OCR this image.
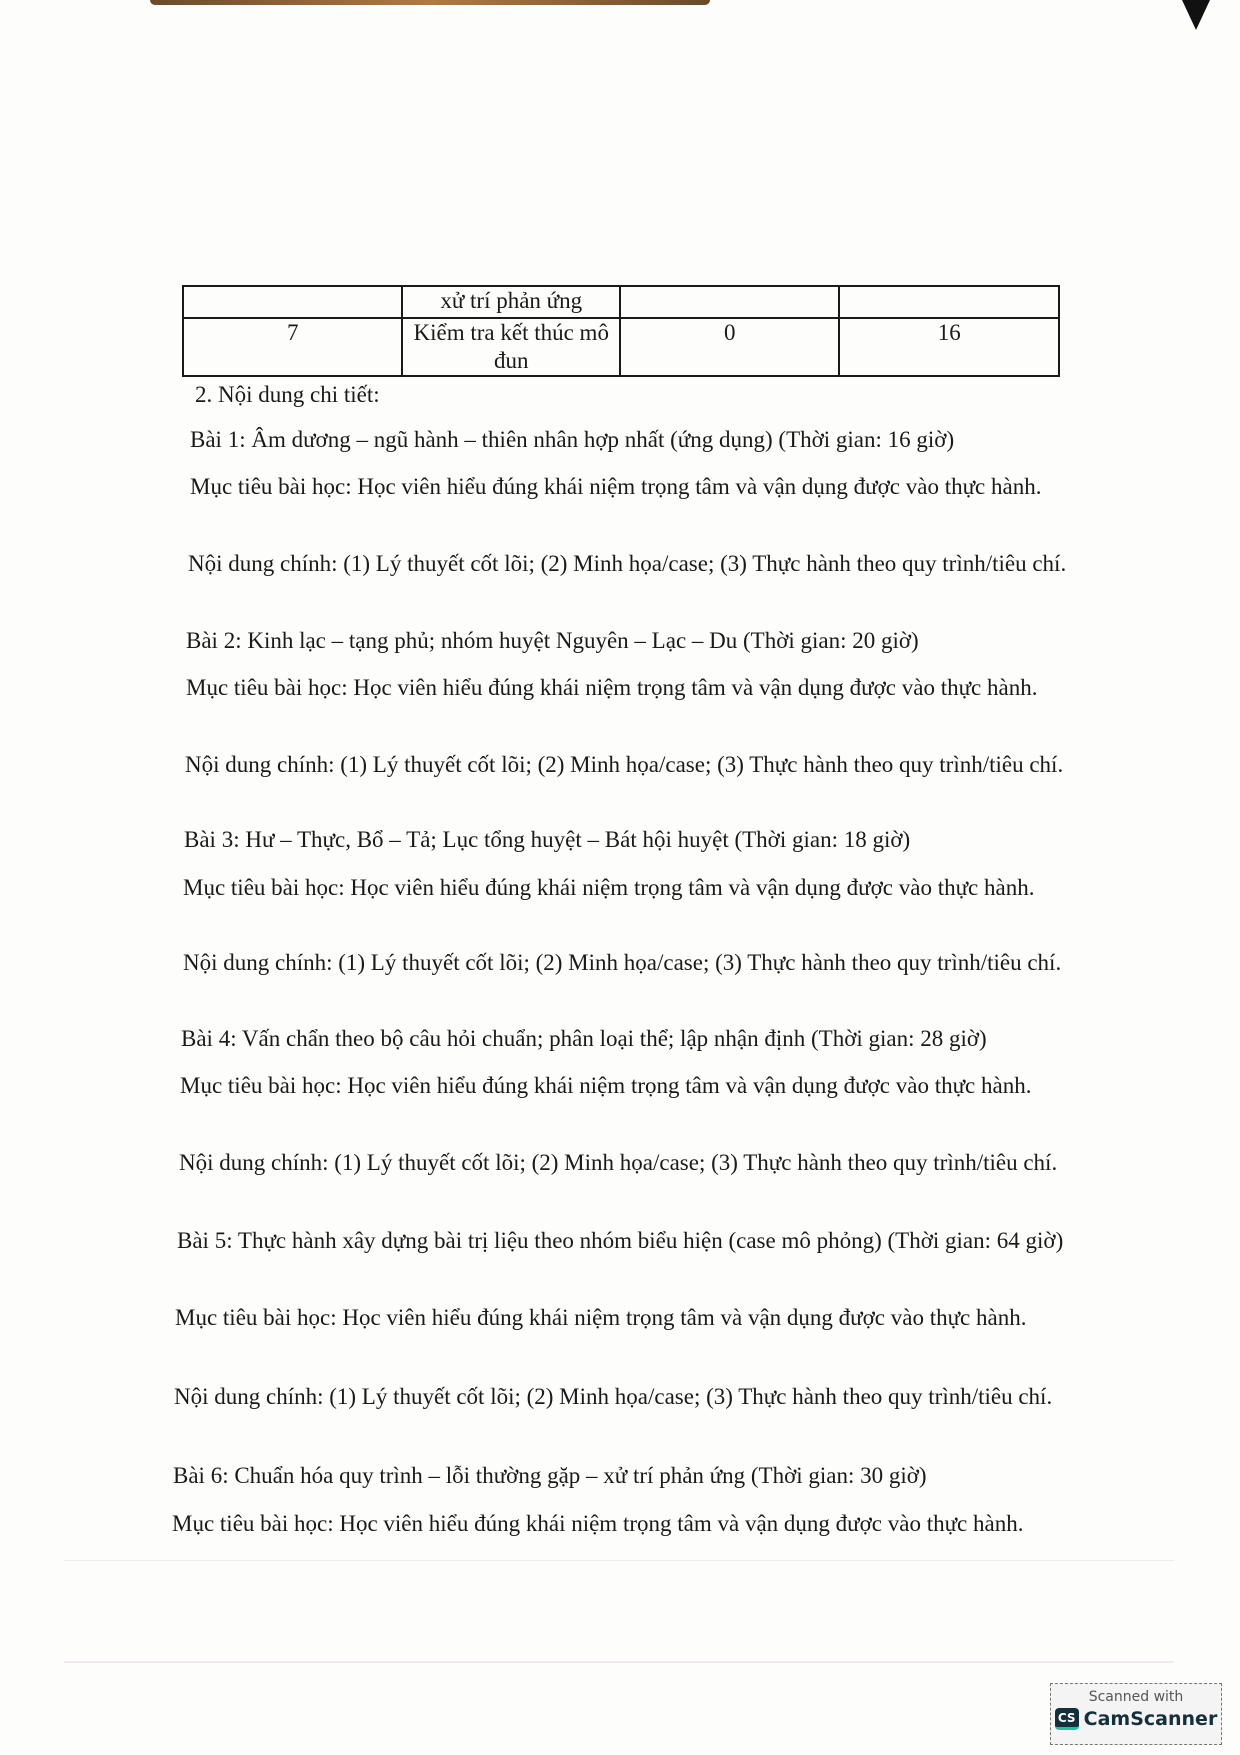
	xử trí phản ứng		
7	Kiểm tra kết thúc mô đun	0	16
2. Nội dung chi tiết:
Bài 1: Âm dương – ngũ hành – thiên nhân hợp nhất (ứng dụng) (Thời gian: 16 giờ)
Mục tiêu bài học: Học viên hiểu đúng khái niệm trọng tâm và vận dụng được vào thực hành.
Nội dung chính: (1) Lý thuyết cốt lõi; (2) Minh họa/case; (3) Thực hành theo quy trình/tiêu chí.
Bài 2: Kinh lạc – tạng phủ; nhóm huyệt Nguyên – Lạc – Du (Thời gian: 20 giờ)
Mục tiêu bài học: Học viên hiểu đúng khái niệm trọng tâm và vận dụng được vào thực hành.
Nội dung chính: (1) Lý thuyết cốt lõi; (2) Minh họa/case; (3) Thực hành theo quy trình/tiêu chí.
Bài 3: Hư – Thực, Bổ – Tả; Lục tổng huyệt – Bát hội huyệt (Thời gian: 18 giờ)
Mục tiêu bài học: Học viên hiểu đúng khái niệm trọng tâm và vận dụng được vào thực hành.
Nội dung chính: (1) Lý thuyết cốt lõi; (2) Minh họa/case; (3) Thực hành theo quy trình/tiêu chí.
Bài 4: Vấn chẩn theo bộ câu hỏi chuẩn; phân loại thể; lập nhận định (Thời gian: 28 giờ)
Mục tiêu bài học: Học viên hiểu đúng khái niệm trọng tâm và vận dụng được vào thực hành.
Nội dung chính: (1) Lý thuyết cốt lõi; (2) Minh họa/case; (3) Thực hành theo quy trình/tiêu chí.
Bài 5: Thực hành xây dựng bài trị liệu theo nhóm biểu hiện (case mô phỏng) (Thời gian: 64 giờ)
Mục tiêu bài học: Học viên hiểu đúng khái niệm trọng tâm và vận dụng được vào thực hành.
Nội dung chính: (1) Lý thuyết cốt lõi; (2) Minh họa/case; (3) Thực hành theo quy trình/tiêu chí.
Bài 6: Chuẩn hóa quy trình – lỗi thường gặp – xử trí phản ứng (Thời gian: 30 giờ)
Mục tiêu bài học: Học viên hiểu đúng khái niệm trọng tâm và vận dụng được vào thực hành.
Scanned with
CS CamScanner
